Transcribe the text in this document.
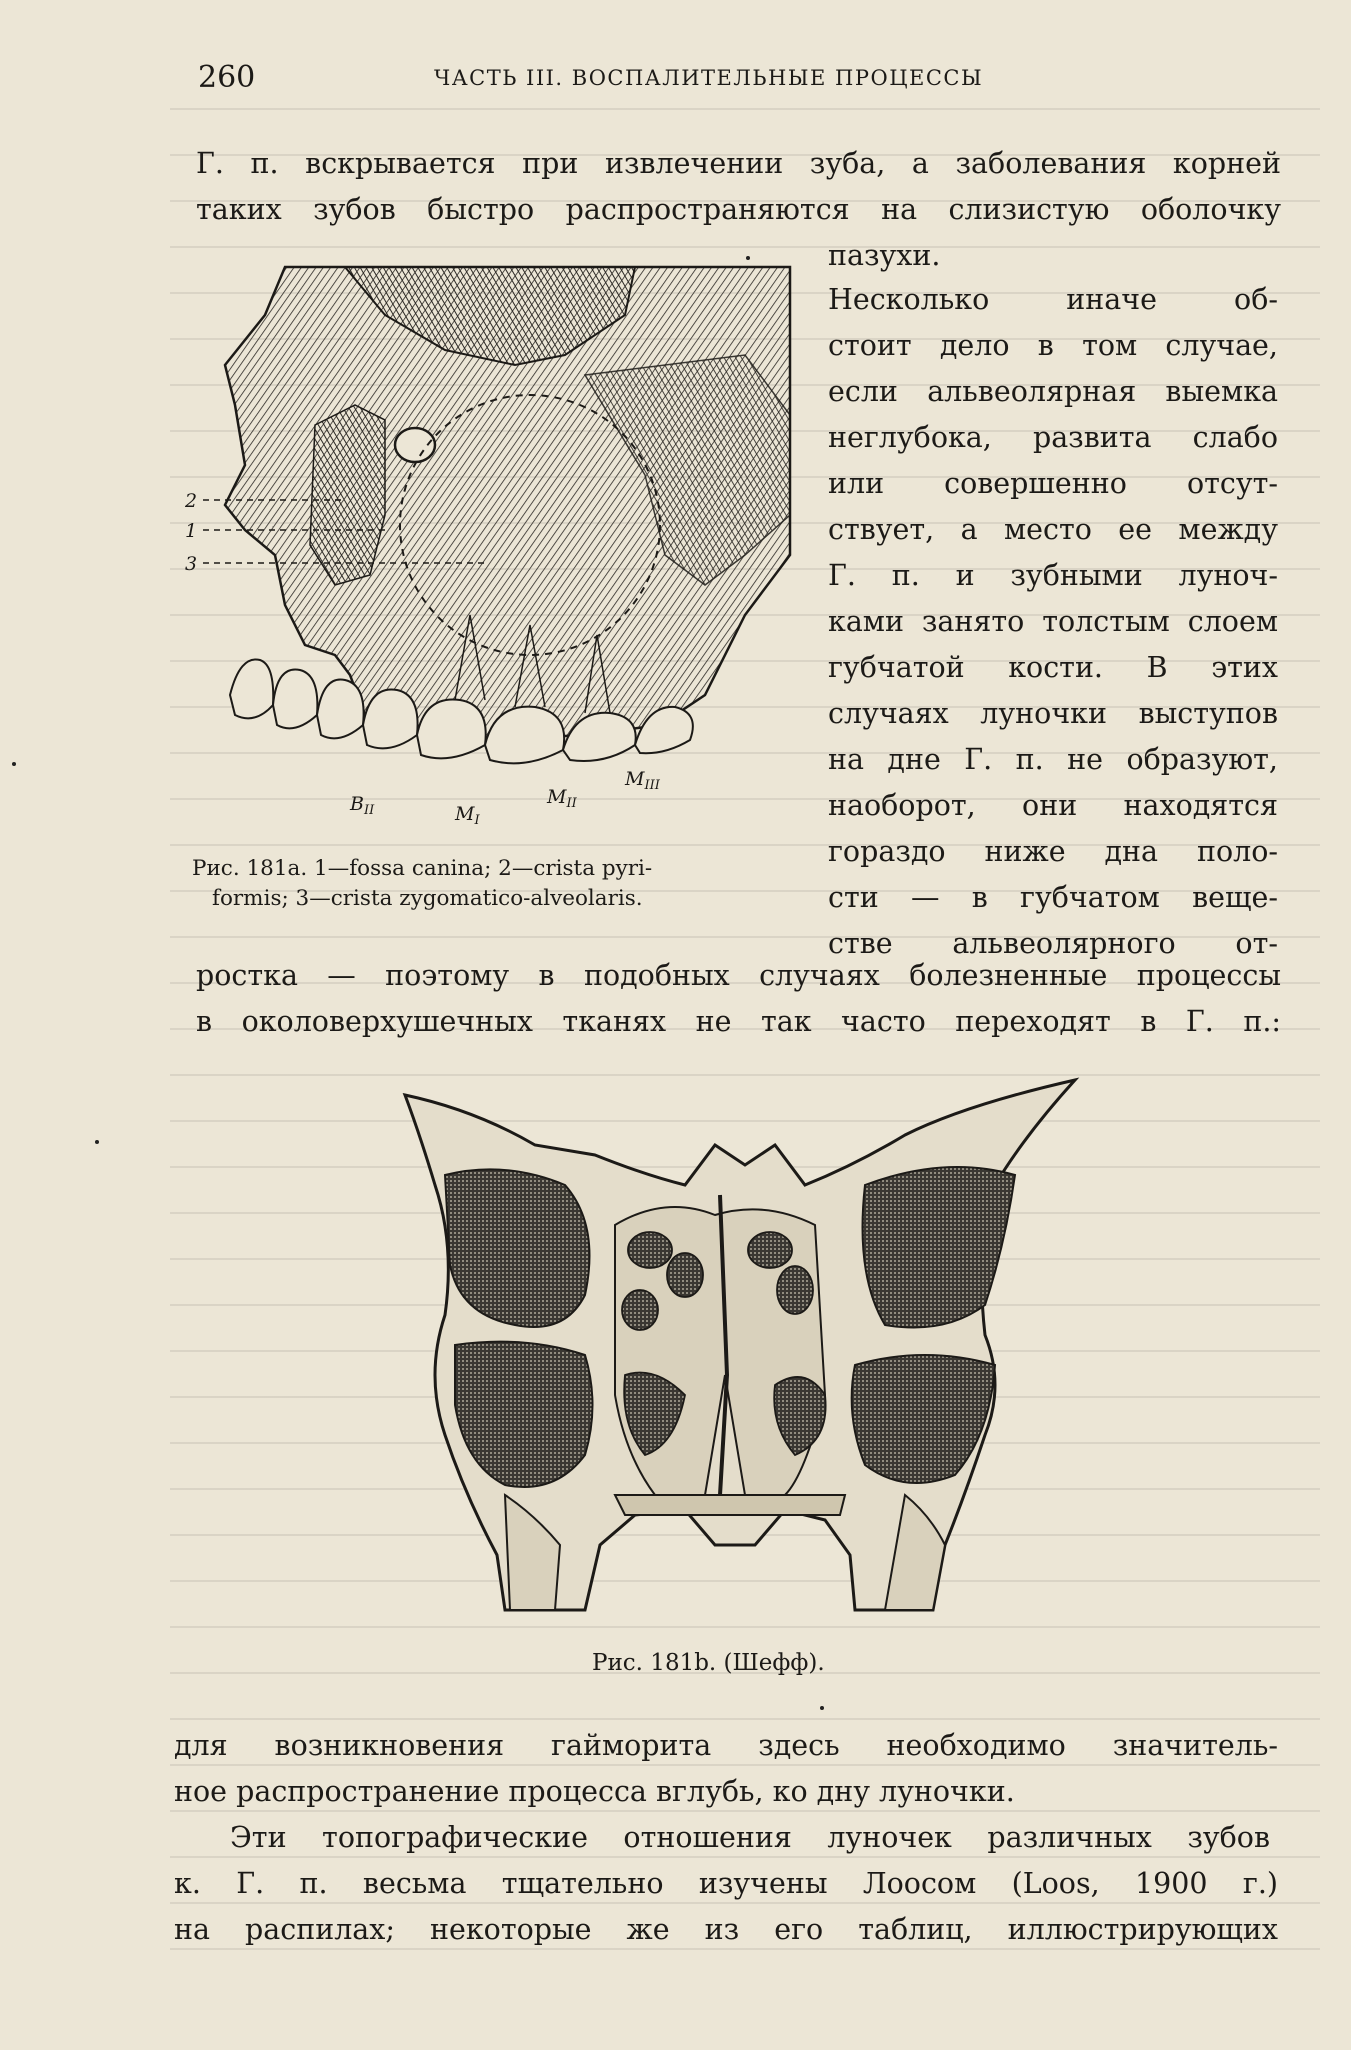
260	ЧАСТЬ III. ВОСПАЛИТЕЛЬНЫЕ ПРОЦЕССЫ
Г. п. вскрывается при извлечении зуба, а заболевания корней
таких зубов быстро распространяются на слизистую оболочку
пазухи.
Несколько иначе об-
стоит дело в том случае,
если альвеолярная выемка
неглубока, развита слабо
или совершенно отсут-
ствует, а место ее между
Г. п. и зубными луноч-
ками занято толстым слоем
губчатой кости. В этих
случаях луночки выступов
на дне Г. п. не образуют,
наоборот, они находятся
гораздо ниже дна поло-
сти — в губчатом веще-
стве альвеолярного от-
2
1
3
$B_{II}$	$M_I$
$M_{II}$
$M_{III}$
Рис. 181a. 1—fossa canina; 2—crista pyri-
formis; 3—crista zygomatico-alveolaris.
ростка — поэтому в подобных случаях болезненные процессы
в околоверхушечных тканях не так часто переходят в Г. п.:
Рис. 181b. (Шефф).
для возникновения гайморита здесь необходимо значитель-
ное распространение процесса вглубь, ко дну луночки.
Эти топографические отношения луночек различных зубов
к. Г. п. весьма тщательно изучены Лоосом (Loos, 1900 г.)
на распилах; некоторые же из его таблиц, иллюстрирующих
